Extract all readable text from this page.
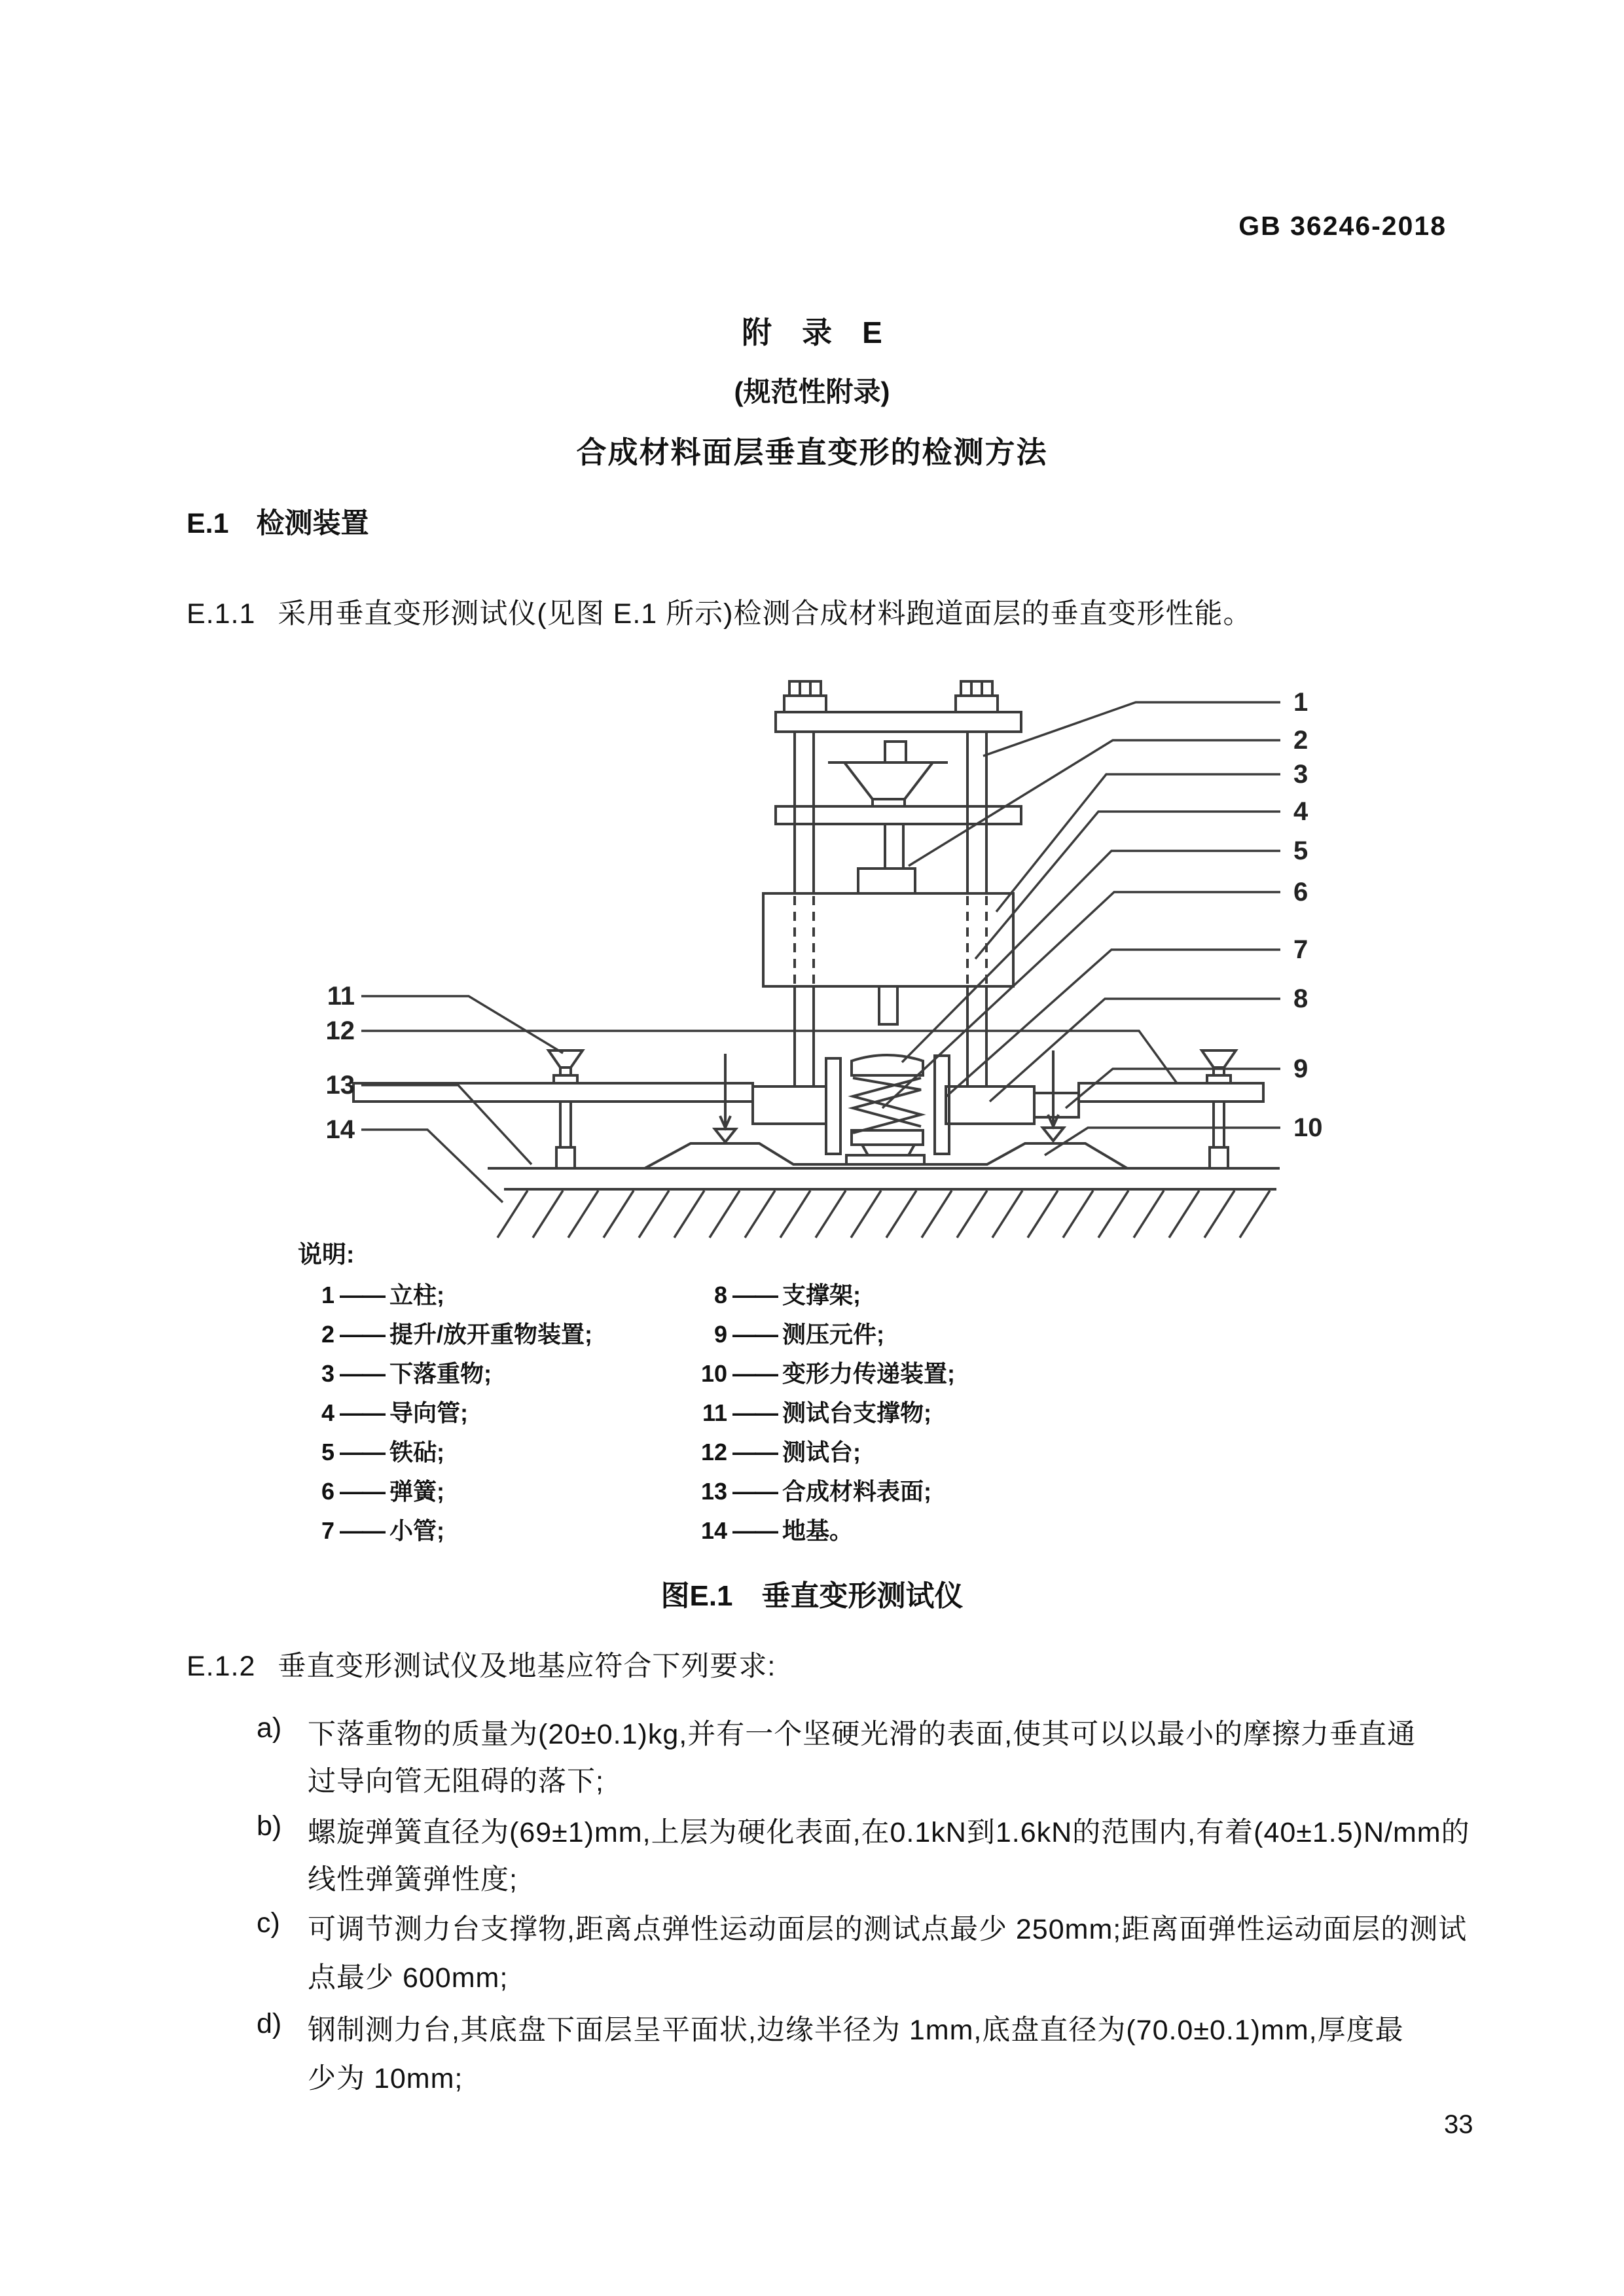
GB 36246-2018
附　录　E
(规范性附录)
合成材料面层垂直变形的检测方法
E.1 检测装置
E.1.1 采用垂直变形测试仪(见图 E.1 所示)检测合成材料跑道面层的垂直变形性能。
1
2
3
4
5
6
7
8
9
10
11
12
13
14
说明:
1 —— 立柱;
2 —— 提升/放开重物装置;
3 —— 下落重物;
4 —— 导向管;
5 —— 铁砧;
6 —— 弹簧;
7 —— 小管;
8 —— 支撑架;
9 —— 测压元件;
10 —— 变形力传递装置;
11 —— 测试台支撑物;
12 —— 测试台;
13 —— 合成材料表面;
14 —— 地基。
图E.1　垂直变形测试仪
E.1.2 垂直变形测试仪及地基应符合下列要求:
a) 下落重物的质量为(20±0.1)kg,并有一个坚硬光滑的表面,使其可以以最小的摩擦力垂直通
过导向管无阻碍的落下;
b) 螺旋弹簧直径为(69±1)mm,上层为硬化表面,在0.1kN到1.6kN的范围内,有着(40±1.5)N/mm的
线性弹簧弹性度;
c) 可调节测力台支撑物,距离点弹性运动面层的测试点最少 250mm;距离面弹性运动面层的测试
点最少 600mm;
d) 钢制测力台,其底盘下面层呈平面状,边缘半径为 1mm,底盘直径为(70.0±0.1)mm,厚度最
少为 10mm;
33
